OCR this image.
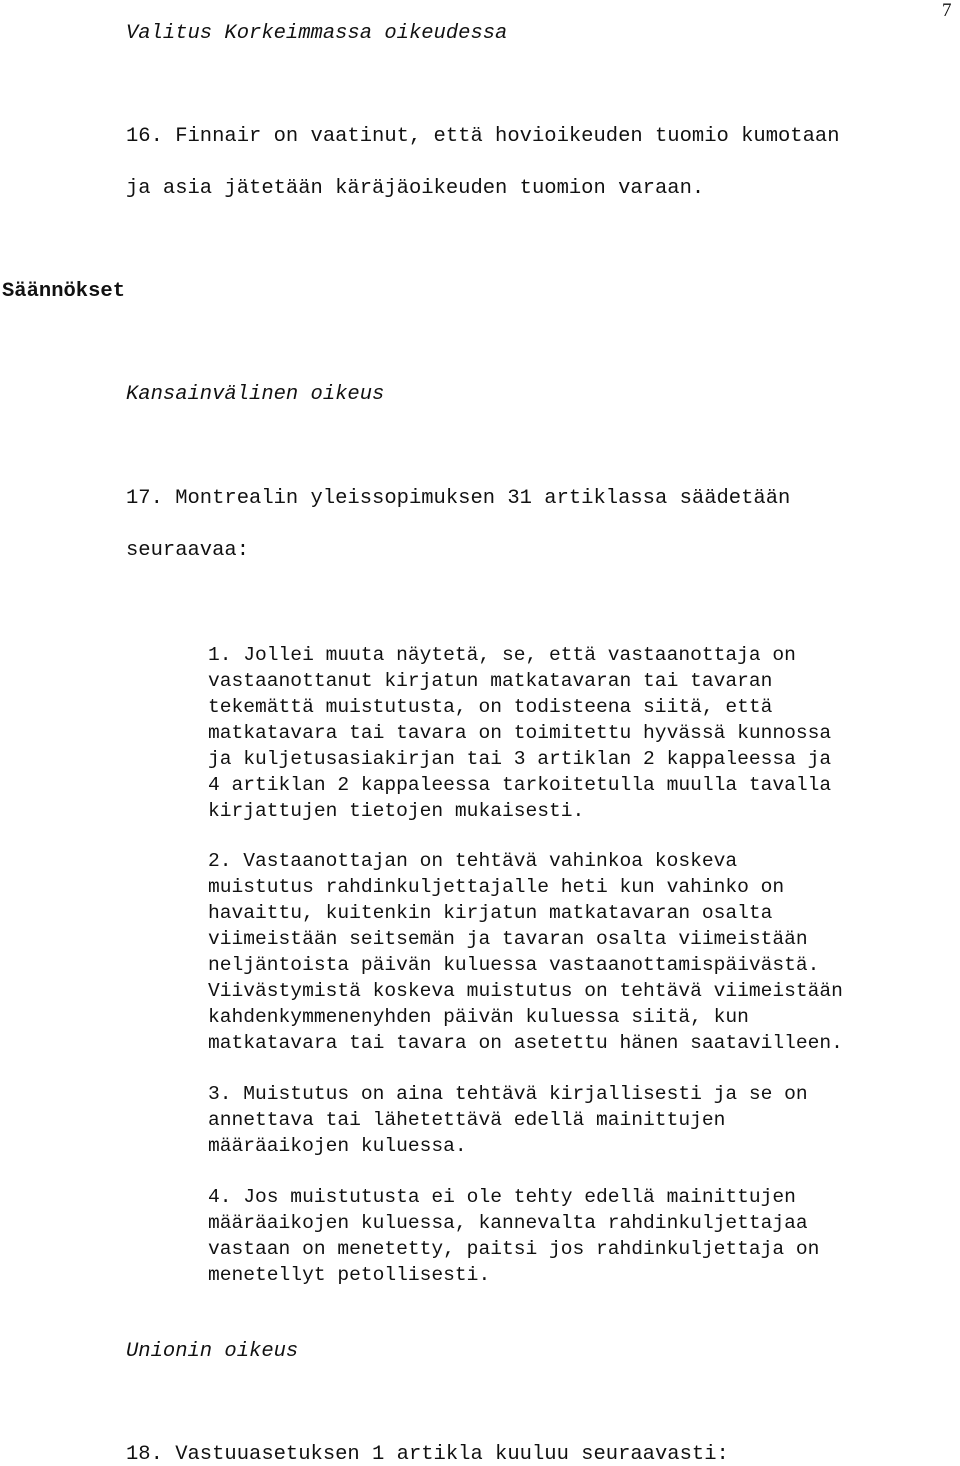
Valitus Korkeimmassa oikeudessa
7
16. Finnair on vaatinut, että hovioikeuden tuomio kumotaan
ja asia jätetään käräjäoikeuden tuomion varaan.
Säännökset
Kansainvälinen oikeus
17. Montrealin yleissopimuksen 31 artiklassa säädetään
seuraavaa:
1. Jollei muuta näytetä, se, että vastaanottaja on
vastaanottanut kirjatun matkatavaran tai tavaran
tekemättä muistutusta, on todisteena siitä, että
matkatavara tai tavara on toimitettu hyvässä kunnossa
ja kuljetusasiakirjan tai 3 artiklan 2 kappaleessa ja
4 artiklan 2 kappaleessa tarkoitetulla muulla tavalla
kirjattujen tietojen mukaisesti.
2. Vastaanottajan on tehtävä vahinkoa koskeva
muistutus rahdinkuljettajalle heti kun vahinko on
havaittu, kuitenkin kirjatun matkatavaran osalta
viimeistään seitsemän ja tavaran osalta viimeistään
neljäntoista päivän kuluessa vastaanottamispäivästä.
Viivästymistä koskeva muistutus on tehtävä viimeistään
kahdenkymmenenyhden päivän kuluessa siitä, kun
matkatavara tai tavara on asetettu hänen saatavilleen.
3. Muistutus on aina tehtävä kirjallisesti ja se on
annettava tai lähetettävä edellä mainittujen
määräaikojen kuluessa.
4. Jos muistutusta ei ole tehty edellä mainittujen
määräaikojen kuluessa, kannevalta rahdinkuljettajaa
vastaan on menetetty, paitsi jos rahdinkuljettaja on
menetellyt petollisesti.
Unionin oikeus
18. Vastuuasetuksen 1 artikla kuuluu seuraavasti:
